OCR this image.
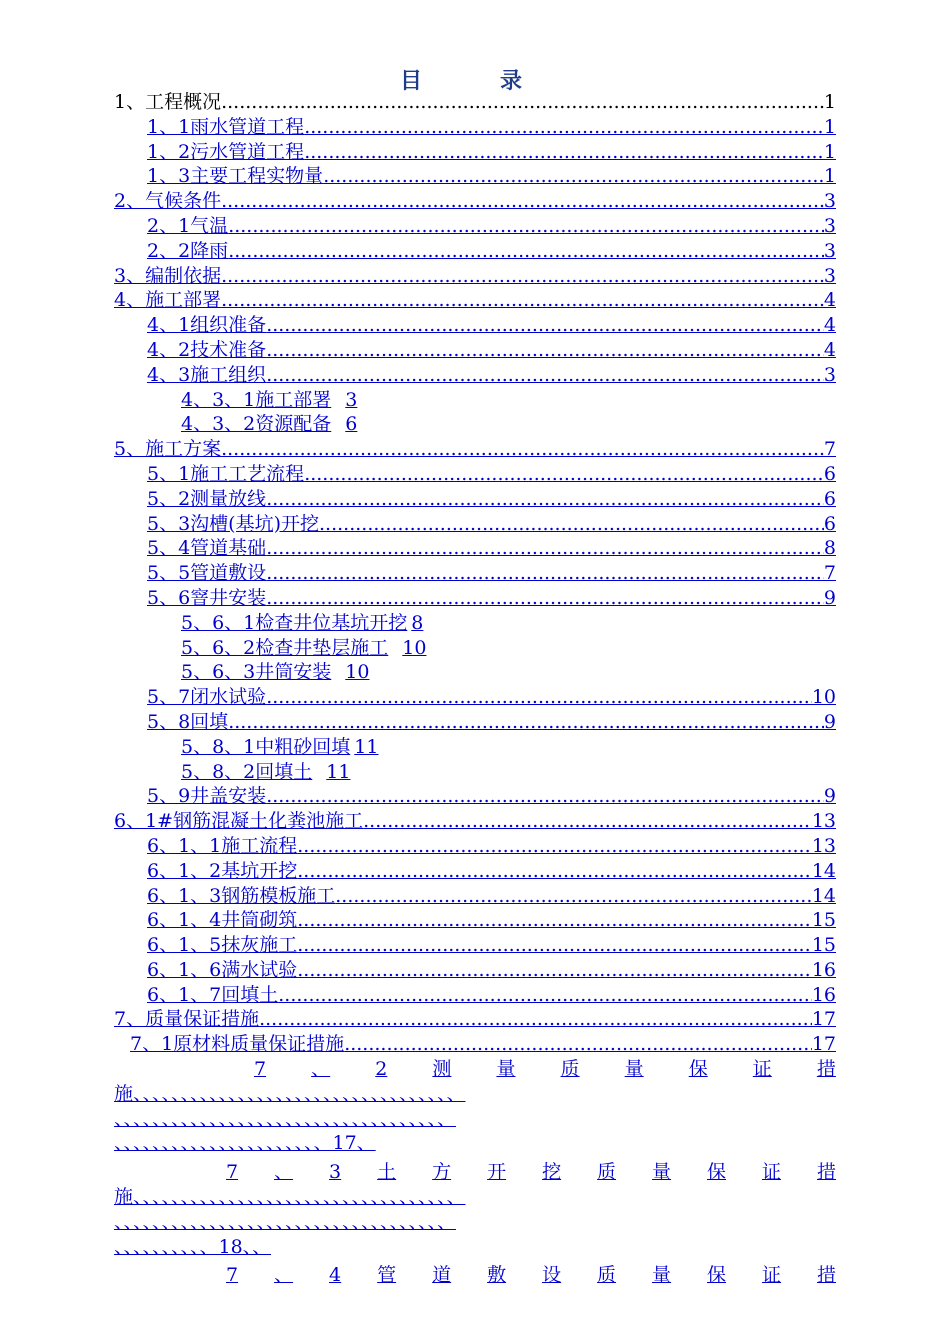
目　录
1、工程概况 .....	1
1、1雨水管道工程 .....	1
1、2污水管道工程 .....	1
1、3主要工程实物量 .....	1
2、气候条件 .....	3
2、1气温 .....	3
2、2降雨 .....	3
3、编制依据 .....	3
4、施工部署 .....	4
4、1组织准备 .....	4
4、2技术准备 .....	4
4、3施工组织 .....	3
4、3、1施工部署 3
4、3、2资源配备 6
5、施工方案 .....	7
5、1施工工艺流程 .....	6
5、2测量放线 .....	6
5、3沟槽(基坑)开挖 .....	6
5、4管道基础 .....	8
5、5管道敷设 .....	7
5、6窨井安装 .....	9
5、6、1检查井位基坑开挖 8
5、6、2检查井垫层施工 10
5、6、3井筒安装 10
5、7闭水试验 .....	10
5、8回填 .....	9
5、8、1中粗砂回填 11
5、8、2回填土 11
5、9井盖安装 .....	9
6、1#钢筋混凝土化粪池施工 .....	13
6、1、1施工流程 .....	13
6、1、2基坑开挖 .....	14
6、1、3钢筋模板施工 .....	14
6、1、4井筒砌筑 .....	15
6、1、5抹灰施工 .....	15
6、1、6满水试验 .....	16
6、1、7回填土 .....	16
7、质量保证措施 .....	17
7、1原材料质量保证措施 .....	17
7 、 2 测 量 质 量 保 证 措
施、、、、、、、、、、、、、、、、、、、、、、、、、、、、、、、、、、
、、、、、、、、、、、、、、、、、、、、、、、、、、、、、、、、、、、
、、、、、、、、、、、、、、、、、、、、、、17、
7 、 3 土 方 开 挖 质 量 保 证 措
施、、、、、、、、、、、、、、、、、、、、、、、、、、、、、、、、、、
、、、、、、、、、、、、、、、、、、、、、、、、、、、、、、、、、、、
、、、、、、、、、、18、、
7 、 4 管 道 敷 设 质 量 保 证 措
